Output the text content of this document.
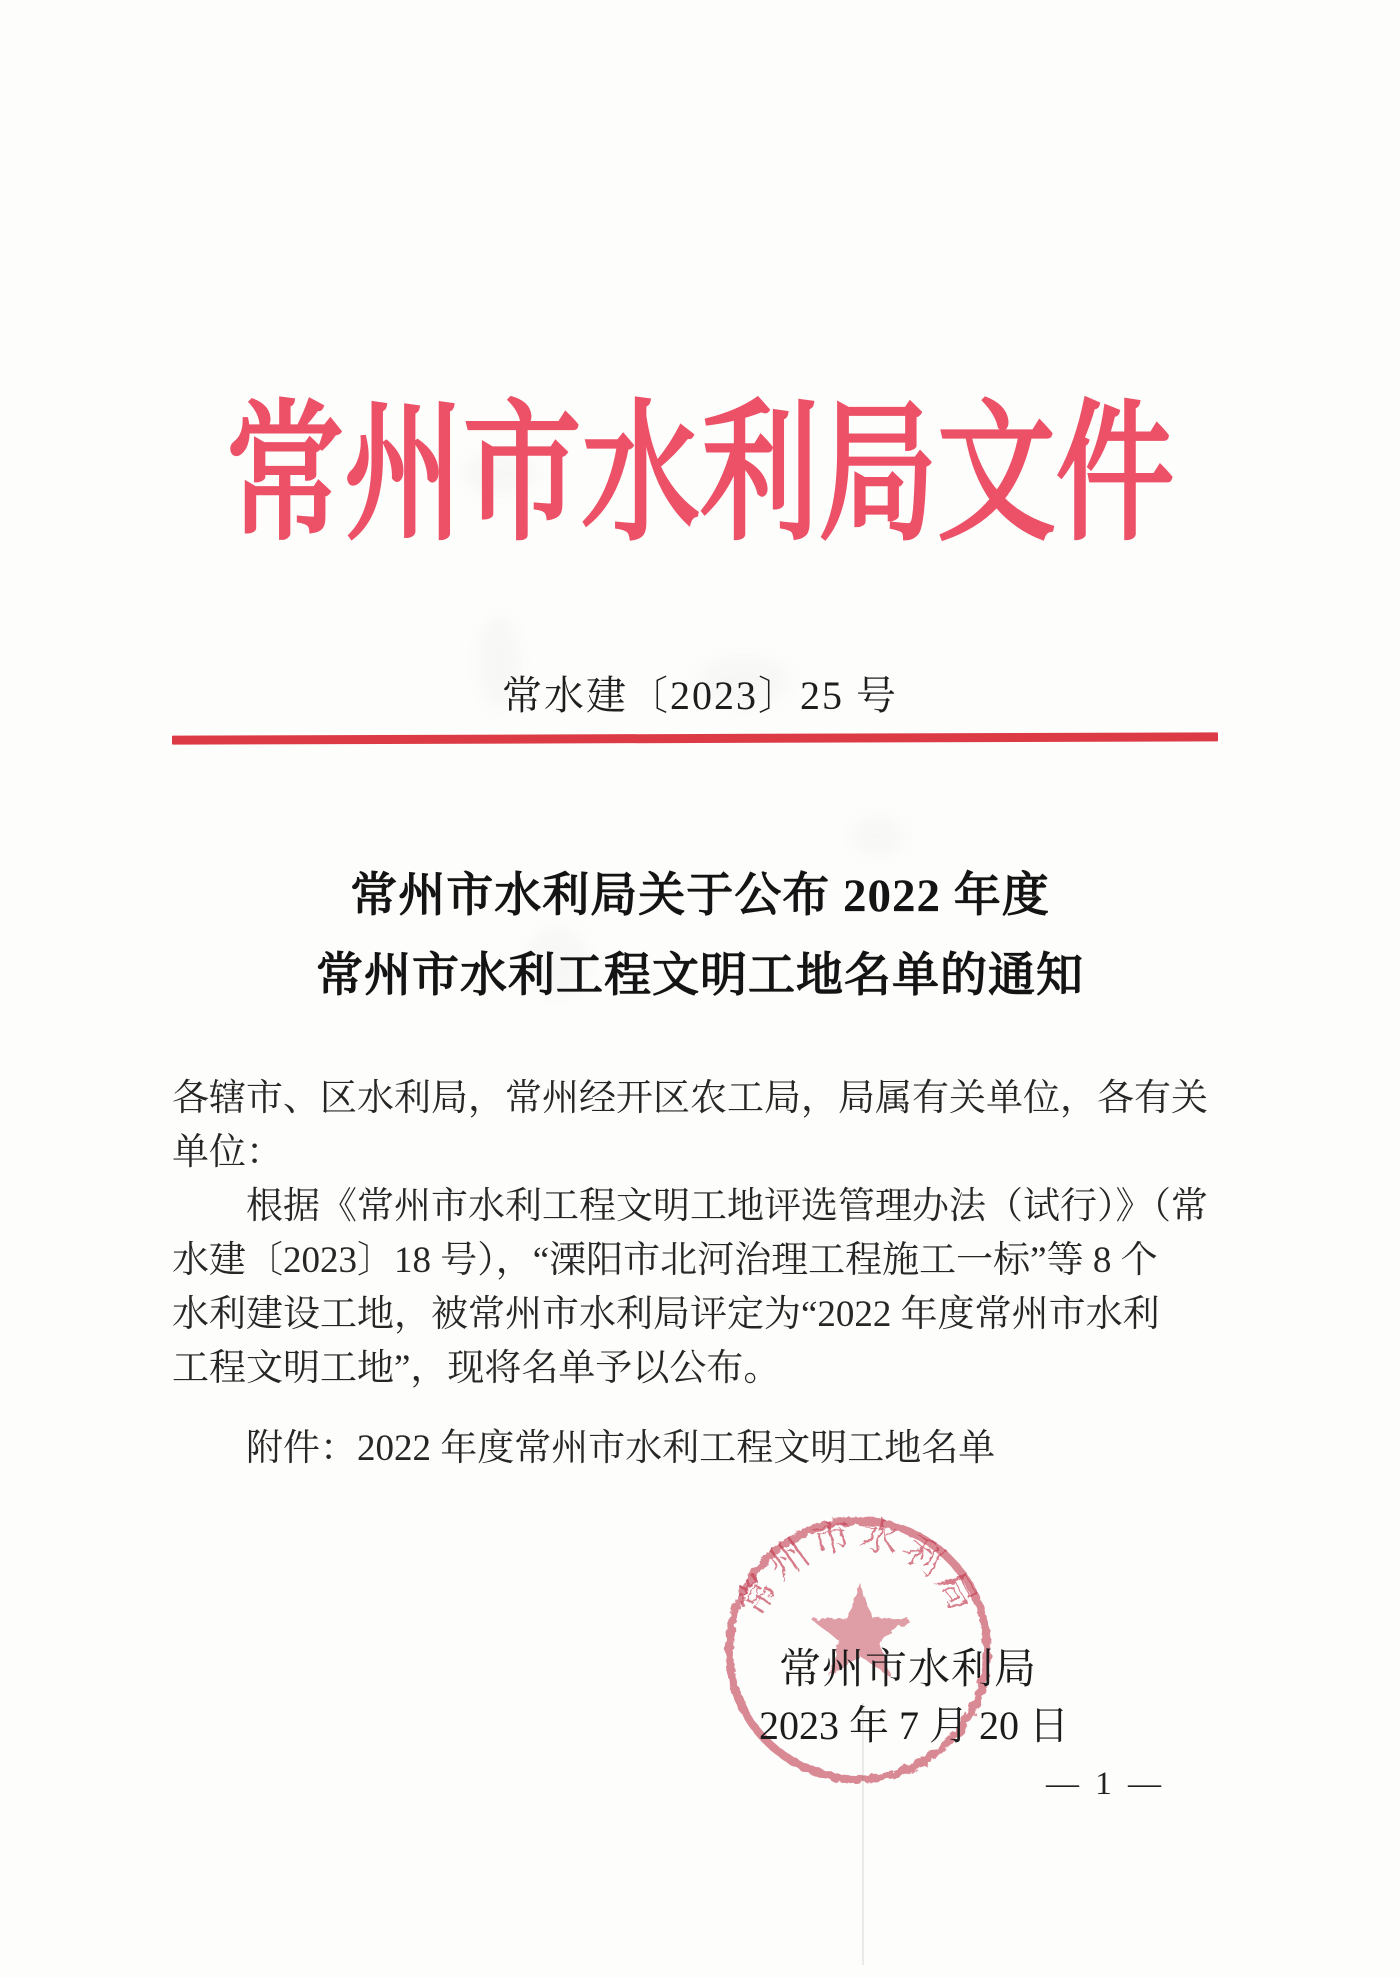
常州市水利局文件
常水建〔2023〕25 号
常州市水利局关于公布 2022 年度
常州市水利工程文明工地名单的通知
各辖市、区水利局，常州经开区农工局，局属有关单位，各有关
单位：
根据《常州市水利工程文明工地评选管理办法（试行）》（常
水建〔2023〕18 号），“溧阳市北河治理工程施工一标”等 8 个
水利建设工地，被常州市水利局评定为“2022 年度常州市水利
工程文明工地”，现将名单予以公布。
附件：2022 年度常州市水利工程文明工地名单
常州市水利局
常州市水利局
2023 年 7 月 20 日
— 1 —
